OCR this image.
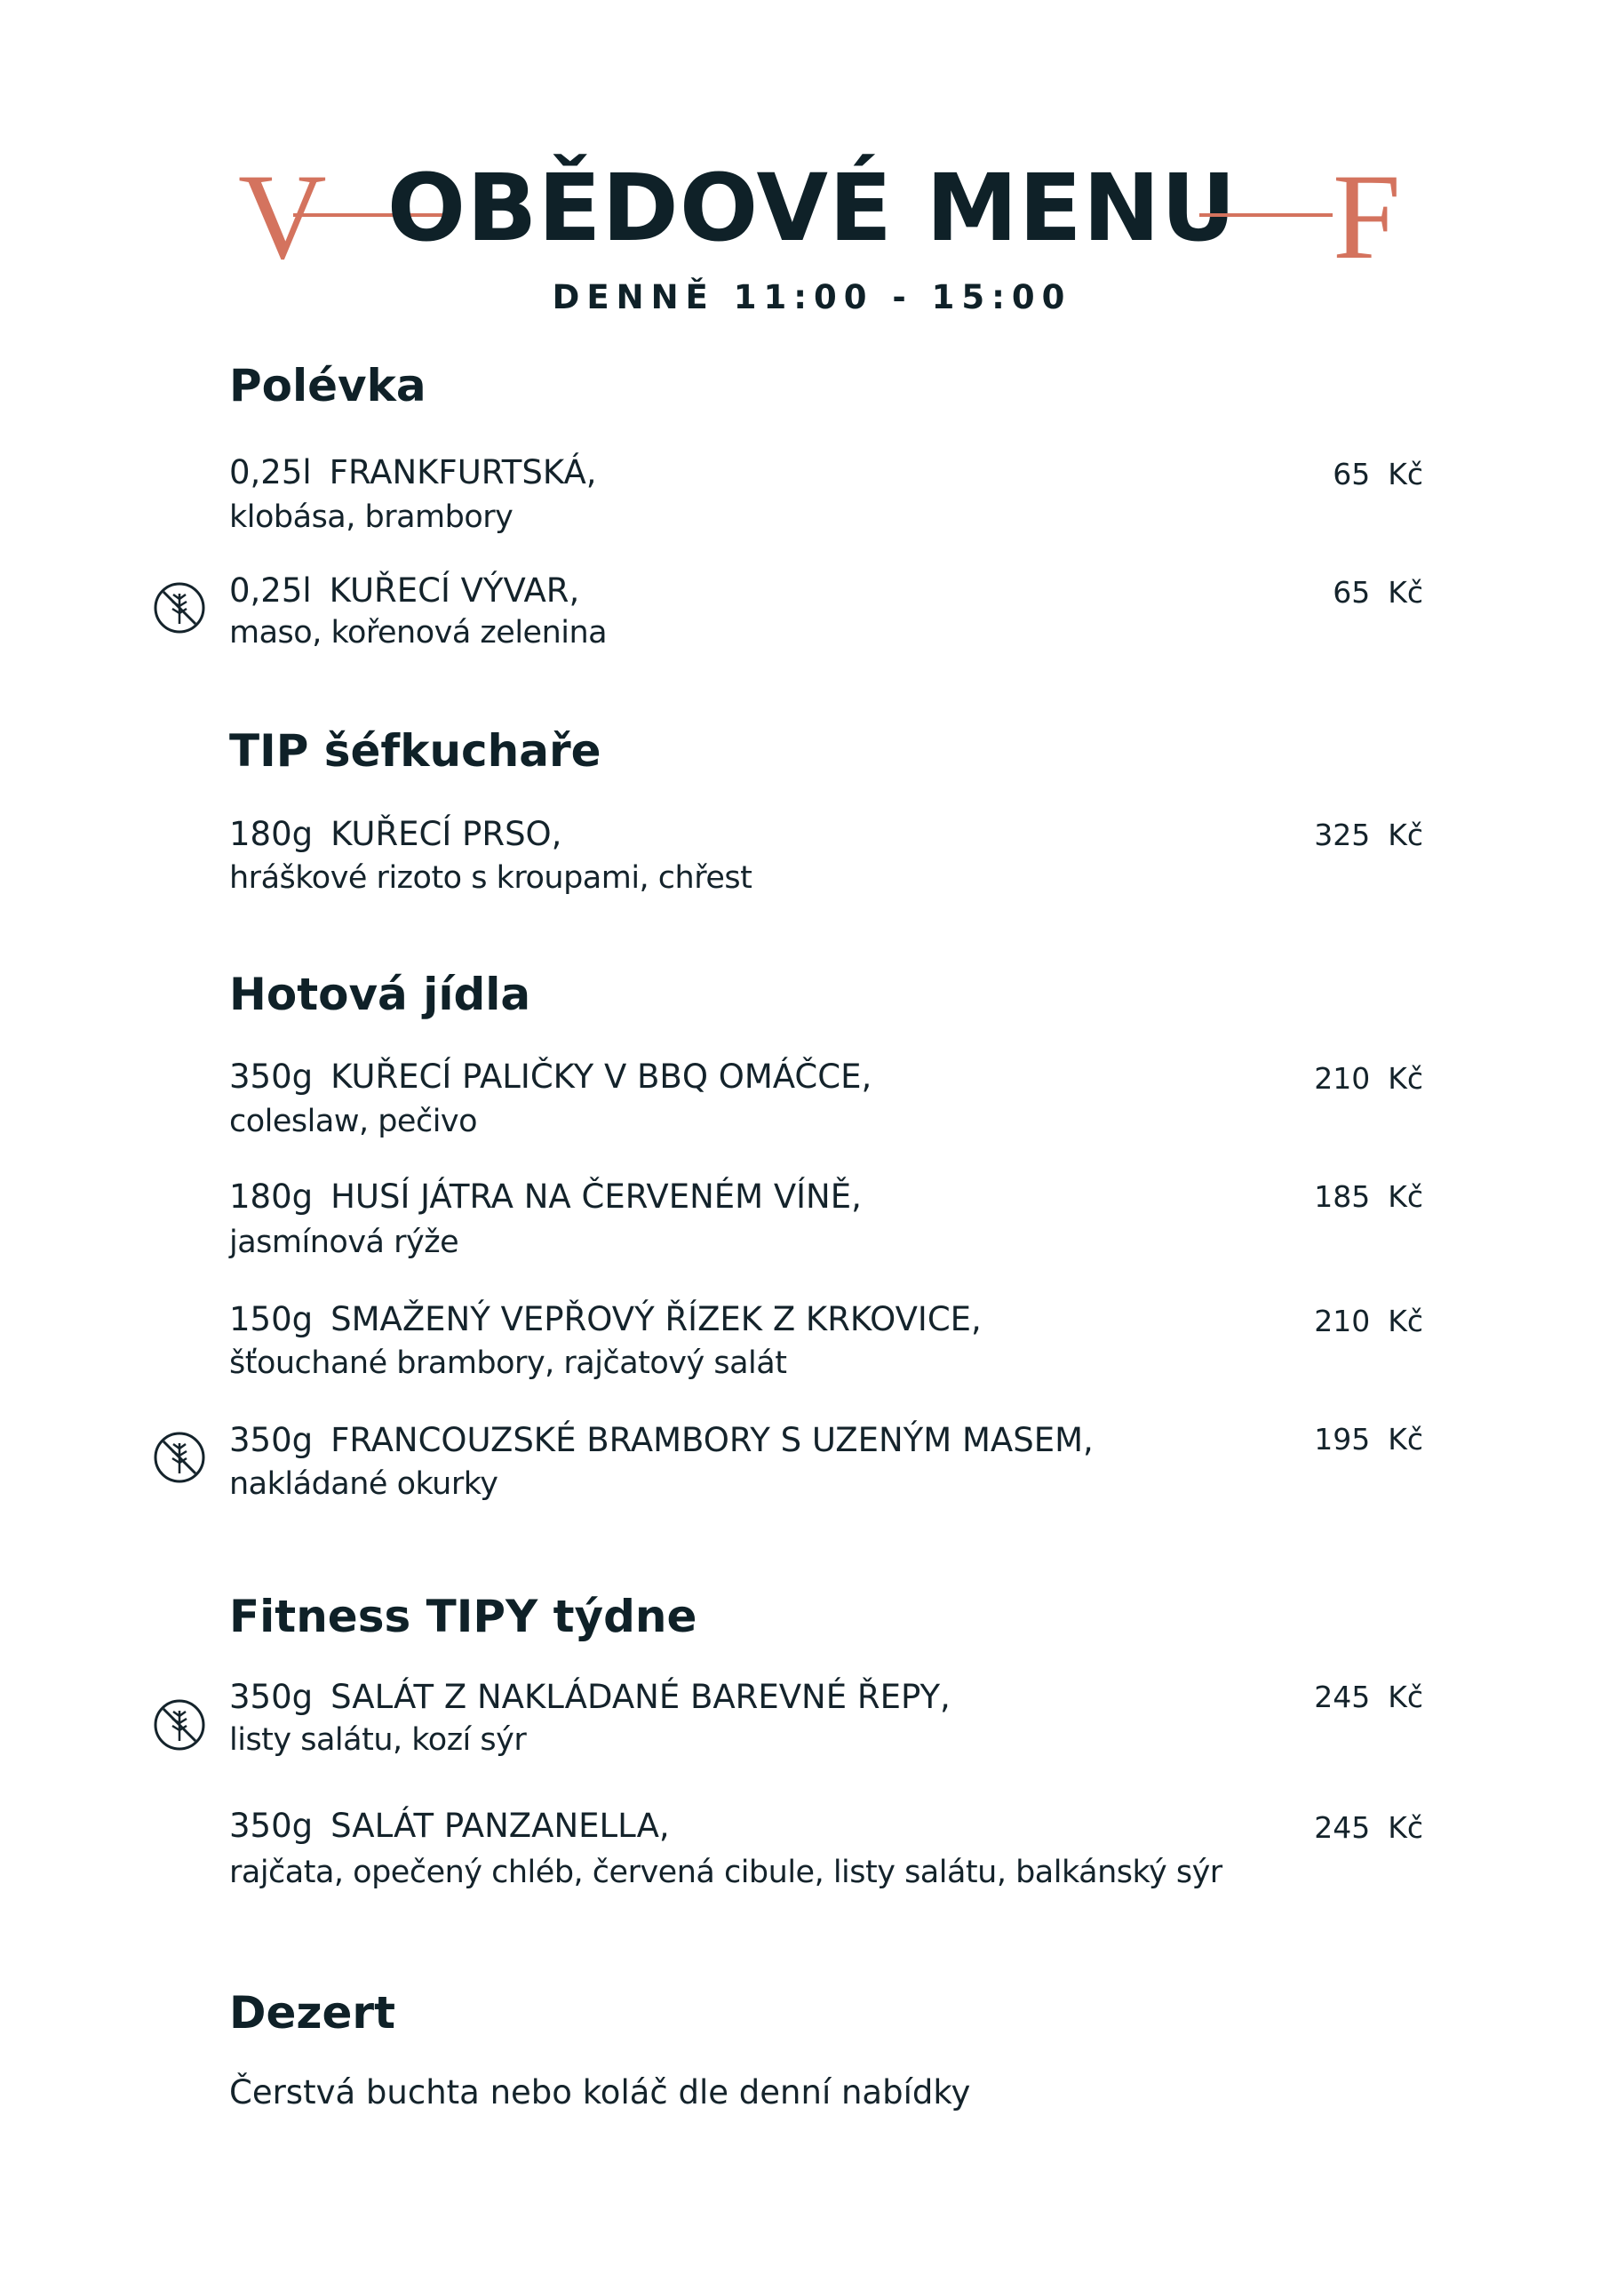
V OBĚDOVÉ MENU F
DENNĚ 11:00 - 15:00
Polévka
0,25l FRANKFURTSKÁ,
klobása, brambory
65 Kč
0,25l KUŘECÍ VÝVAR,
maso, kořenová zelenina
65 Kč
TIP šéfkuchaře
180g KUŘECÍ PRSO,
hráškové rizoto s kroupami, chřest
325 Kč
Hotová jídla
350g KUŘECÍ PALIČKY V BBQ OMÁČCE,
coleslaw, pečivo
210 Kč
180g HUSÍ JÁTRA NA ČERVENÉM VÍNĚ,
jasmínová rýže
185 Kč
150g SMAŽENÝ VEPŘOVÝ ŘÍZEK Z KRKOVICE,
šťouchané brambory, rajčatový salát
210 Kč
350g FRANCOUZSKÉ BRAMBORY S UZENÝM MASEM,
nakládané okurky
195 Kč
Fitness TIPY týdne
350g SALÁT Z NAKLÁDANÉ BAREVNÉ ŘEPY,
listy salátu, kozí sýr
245 Kč
350g SALÁT PANZANELLA,
rajčata, opečený chléb, červená cibule, listy salátu, balkánský sýr
245 Kč
Dezert
Čerstvá buchta nebo koláč dle denní nabídky
